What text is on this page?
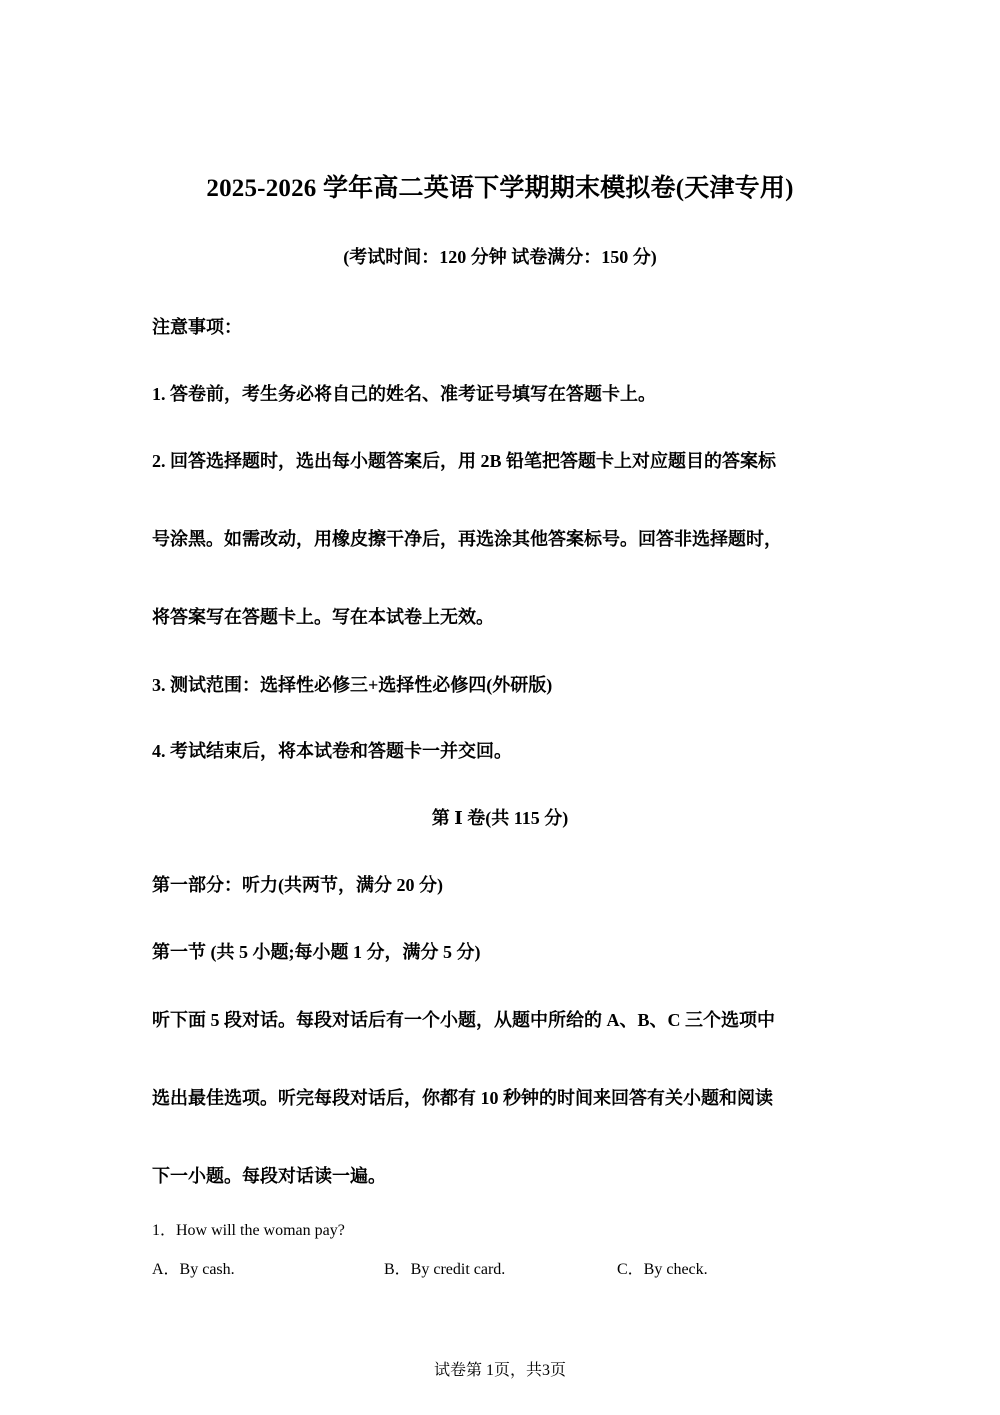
2025-2026 学年高二英语下学期期末模拟卷(天津专用)
(考试时间：120 分钟 试卷满分：150 分)
注意事项：
1. 答卷前，考生务必将自己的姓名、准考证号填写在答题卡上。
2. 回答选择题时，选出每小题答案后，用 2B 铅笔把答题卡上对应题目的答案标
号涂黑。如需改动，用橡皮擦干净后，再选涂其他答案标号。回答非选择题时，
将答案写在答题卡上。写在本试卷上无效。
3. 测试范围：选择性必修三+选择性必修四(外研版)
4. 考试结束后，将本试卷和答题卡一并交回。
第 Ⅰ 卷(共 115 分)
第一部分：听力(共两节，满分 20 分)
第一节 (共 5 小题;每小题 1 分，满分 5 分)
听下面 5 段对话。每段对话后有一个小题，从题中所给的 A、B、C 三个选项中
选出最佳选项。听完每段对话后，你都有 10 秒钟的时间来回答有关小题和阅读
下一小题。每段对话读一遍。
1．How will the woman pay?
A．By cash.	B．By credit card.	C．By check.
试卷第 1页，共3页
